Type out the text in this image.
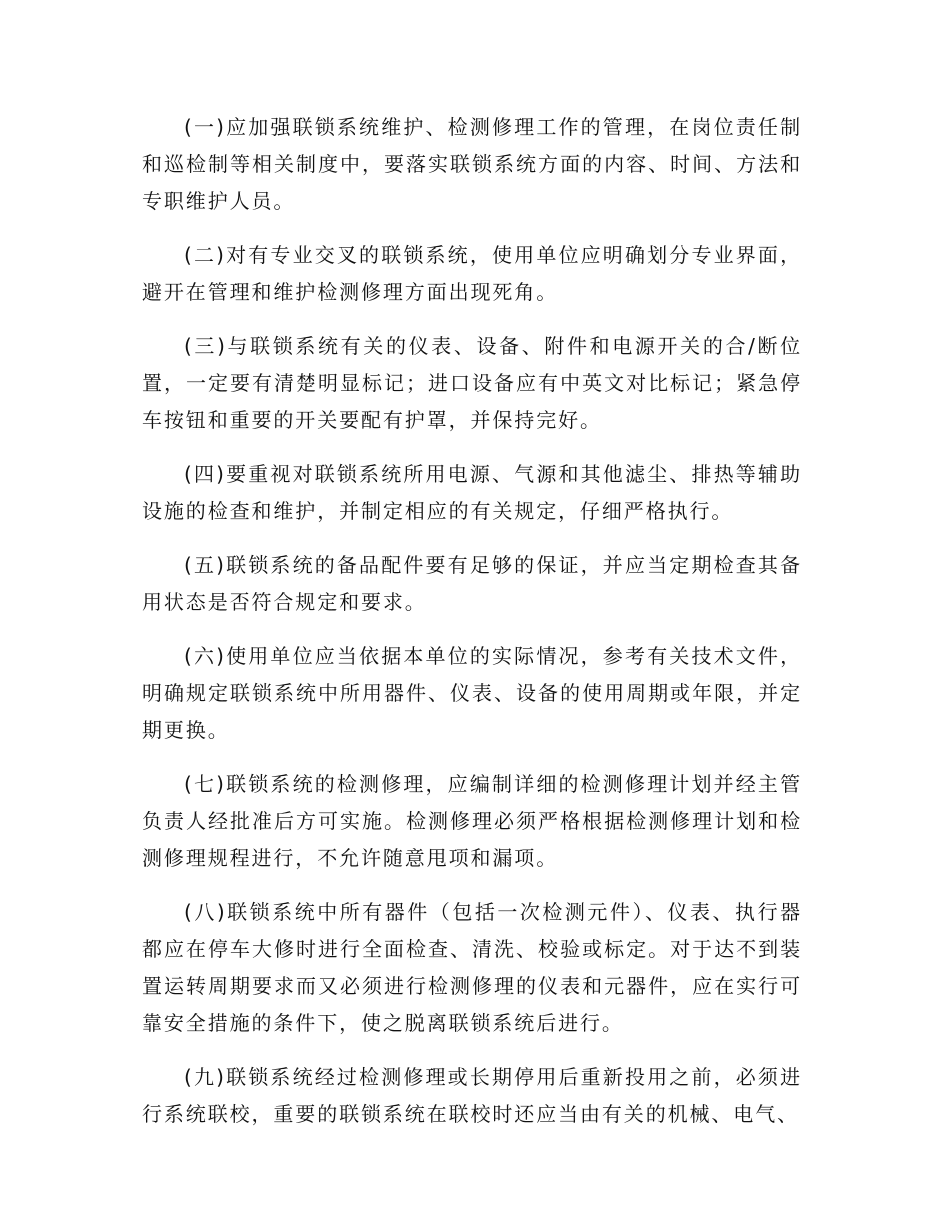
(一)应加强联锁系统维护、检测修理工作的管理，在岗位责任制和巡检制等相关制度中，要落实联锁系统方面的内容、时间、方法和专职维护人员。

(二)对有专业交叉的联锁系统，使用单位应明确划分专业界面，避开在管理和维护检测修理方面出现死角。

(三)与联锁系统有关的仪表、设备、附件和电源开关的合/断位置，一定要有清楚明显标记；进口设备应有中英文对比标记；紧急停车按钮和重要的开关要配有护罩，并保持完好。

(四)要重视对联锁系统所用电源、气源和其他滤尘、排热等辅助设施的检查和维护，并制定相应的有关规定，仔细严格执行。

(五)联锁系统的备品配件要有足够的保证，并应当定期检查其备用状态是否符合规定和要求。

(六)使用单位应当依据本单位的实际情况，参考有关技术文件，明确规定联锁系统中所用器件、仪表、设备的使用周期或年限，并定期更换。

(七)联锁系统的检测修理，应编制详细的检测修理计划并经主管负责人经批准后方可实施。检测修理必须严格根据检测修理计划和检测修理规程进行，不允许随意甩项和漏项。

(八)联锁系统中所有器件（包括一次检测元件）、仪表、执行器都应在停车大修时进行全面检查、清洗、校验或标定。对于达不到装置运转周期要求而又必须进行检测修理的仪表和元器件，应在实行可靠安全措施的条件下，使之脱离联锁系统后进行。

(九)联锁系统经过检测修理或长期停用后重新投用之前，必须进行系统联校，重要的联锁系统在联校时还应当由有关的机械、电气、
